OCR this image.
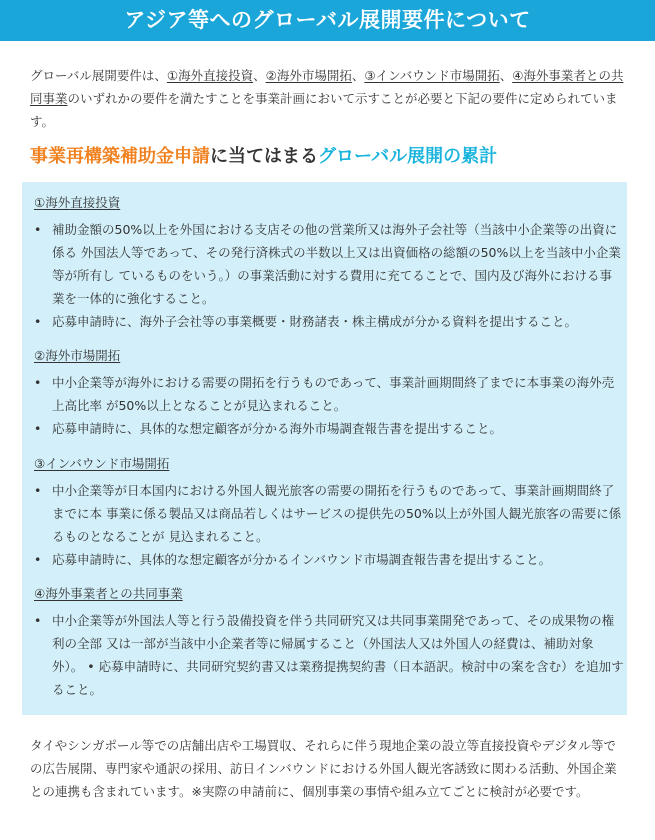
アジア等へのグローバル展開要件について
グローバル展開要件は、①海外直接投資、②海外市場開拓、③インバウンド市場開拓、④海外事業者との共同事業のいずれかの要件を満たすことを事業計画において示すことが必要と下記の要件に定められています。
事業再構築補助金申請に当てはまるグローバル展開の累計
①海外直接投資
• 補助金額の50%以上を外国における支店その他の営業所又は海外子会社等（当該中小企業等の出資に係る 外国法人等であって、その発行済株式の半数以上又は出資価格の総額の50%以上を当該中小企業等が所有し ているものをいう。）の事業活動に対する費用に充てることで、国内及び海外における事業を一体的に強化すること。
• 応募申請時に、海外子会社等の事業概要・財務諸表・株主構成が分かる資料を提出すること。
②海外市場開拓
• 中小企業等が海外における需要の開拓を行うものであって、事業計画期間終了までに本事業の海外売上高比率 が50%以上となることが見込まれること。
• 応募申請時に、具体的な想定顧客が分かる海外市場調査報告書を提出すること。
③インバウンド市場開拓
• 中小企業等が日本国内における外国人観光旅客の需要の開拓を行うものであって、事業計画期間終了までに本 事業に係る製品又は商品若しくはサービスの提供先の50%以上が外国人観光旅客の需要に係るものとなることが 見込まれること。
• 応募申請時に、具体的な想定顧客が分かるインバウンド市場調査報告書を提出すること。
④海外事業者との共同事業
• 中小企業等が外国法人等と行う設備投資を伴う共同研究又は共同事業開発であって、その成果物の権利の全部 又は一部が当該中小企業者等に帰属すること（外国法人又は外国人の経費は、補助対象外）。 • 応募申請時に、共同研究契約書又は業務提携契約書（日本語訳。検討中の案を含む）を追加すること。
タイやシンガポール等での店舗出店や工場買収、それらに伴う現地企業の設立等直接投資やデジタル等での広告展開、専門家や通訳の採用、訪日インバウンドにおける外国人観光客誘致に関わる活動、外国企業との連携も含まれています。※実際の申請前に、個別事業の事情や組み立てごとに検討が必要です。
